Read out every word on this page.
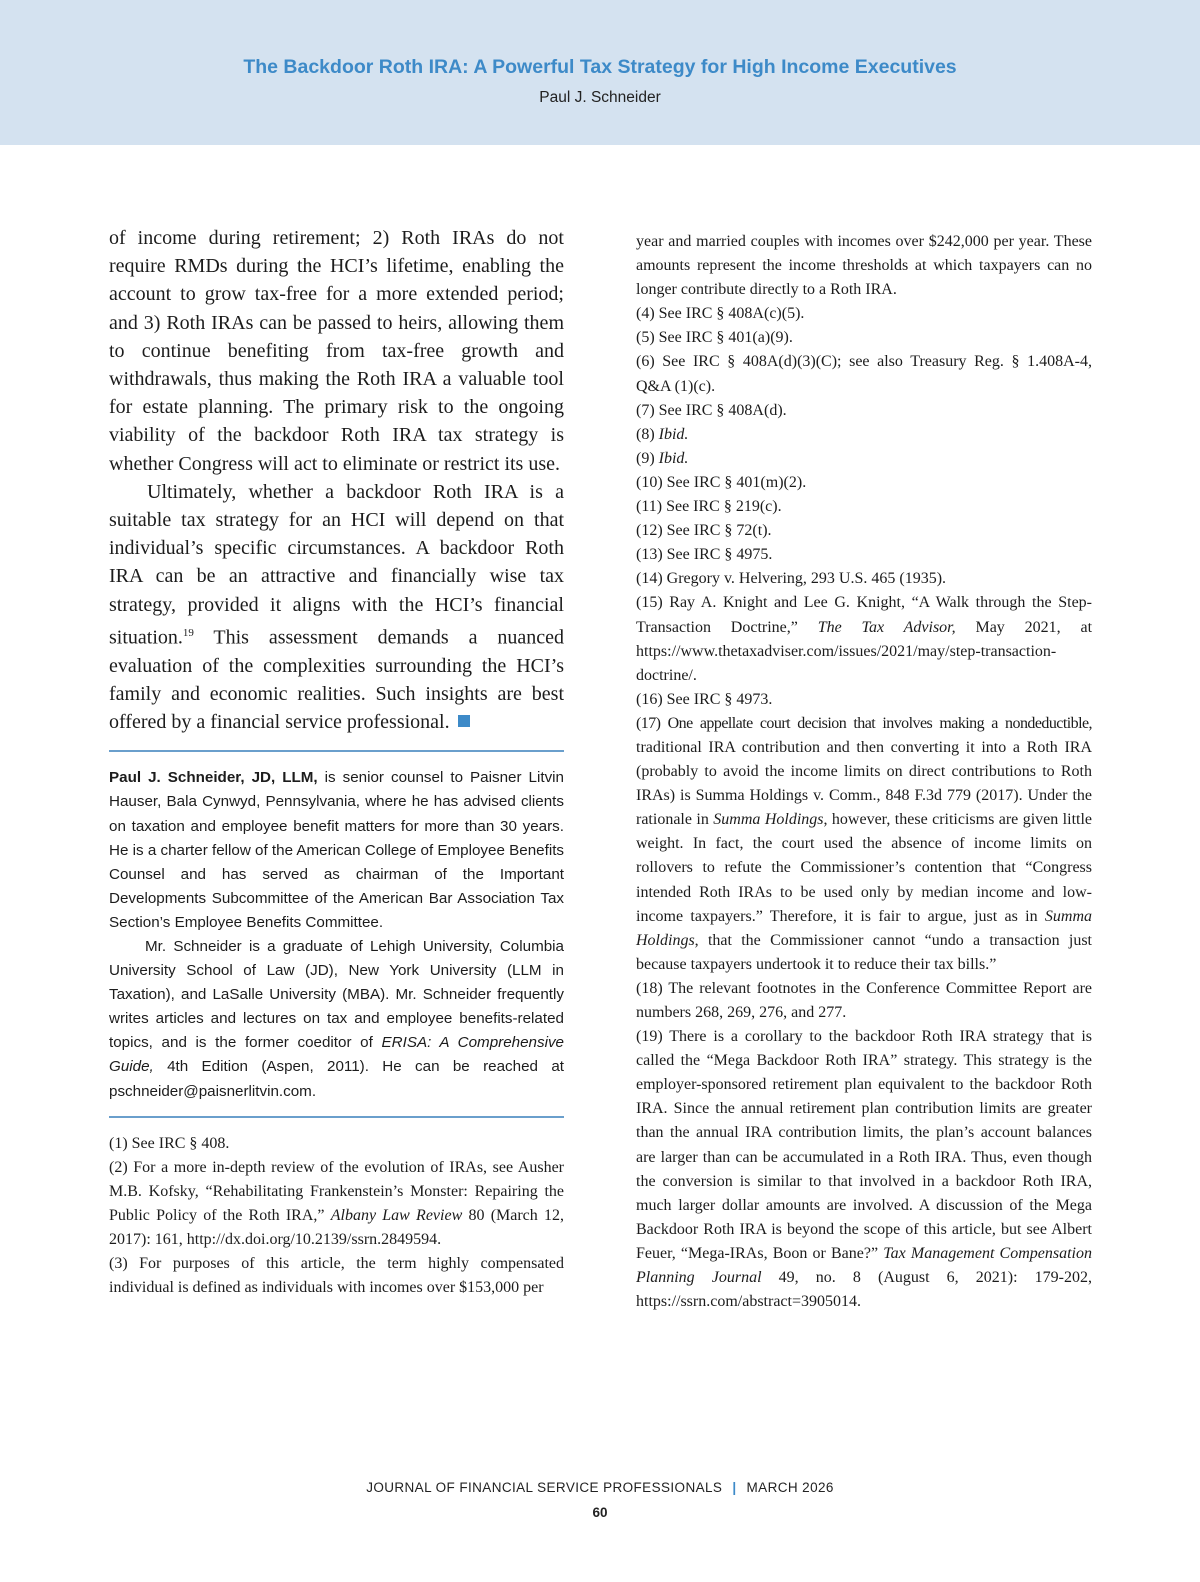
The Backdoor Roth IRA: A Powerful Tax Strategy for High Income Executives
Paul J. Schneider

of income during retirement; 2) Roth IRAs do not require RMDs during the HCI’s lifetime, enabling the account to grow tax-free for a more extended period; and 3) Roth IRAs can be passed to heirs, allowing them to continue benefiting from tax-free growth and withdrawals, thus making the Roth IRA a valuable tool for estate planning. The primary risk to the ongoing viability of the backdoor Roth IRA tax strategy is whether Congress will act to eliminate or restrict its use.

Ultimately, whether a backdoor Roth IRA is a suitable tax strategy for an HCI will depend on that individual’s specific circumstances. A backdoor Roth IRA can be an attractive and financially wise tax strategy, provided it aligns with the HCI’s financial situation.$^{19}$ This assessment demands a nuanced evaluation of the complexities surrounding the HCI’s family and economic realities. Such insights are best offered by a financial service professional.

Paul J. Schneider, JD, LLM, is senior counsel to Paisner Litvin Hauser, Bala Cynwyd, Pennsylvania, where he has advised clients on taxation and employee benefit matters for more than 30 years. He is a charter fellow of the American College of Employee Benefits Counsel and has served as chairman of the Important Developments Subcommittee of the American Bar Association Tax Section’s Employee Benefits Committee.

Mr. Schneider is a graduate of Lehigh University, Columbia University School of Law (JD), New York University (LLM in Taxation), and LaSalle University (MBA). Mr. Schneider frequently writes articles and lectures on tax and employee benefits-related topics, and is the former coeditor of ERISA: A Comprehensive Guide, 4th Edition (Aspen, 2011). He can be reached at pschneider@paisnerlitvin.com.

(1) See IRC § 408.

(2) For a more in-depth review of the evolution of IRAs, see Ausher M.B. Kofsky, “Rehabilitating Frankenstein’s Monster: Repairing the Public Policy of the Roth IRA,” Albany Law Review 80 (March 12, 2017): 161, http://dx.doi.org/10.2139/ssrn.2849594.

(3) For purposes of this article, the term highly compensated individual is defined as individuals with incomes over $153,000 per

year and married couples with incomes over $242,000 per year. These amounts represent the income thresholds at which taxpayers can no longer contribute directly to a Roth IRA.

(4) See IRC § 408A(c)(5).

(5) See IRC § 401(a)(9).

(6) See IRC § 408A(d)(3)(C); see also Treasury Reg. § 1.408A-4, Q&A (1)(c).

(7) See IRC § 408A(d).

(8) Ibid.

(9) Ibid.

(10) See IRC § 401(m)(2).

(11) See IRC § 219(c).

(12) See IRC § 72(t).

(13) See IRC § 4975.

(14) Gregory v. Helvering, 293 U.S. 465 (1935).

(15) Ray A. Knight and Lee G. Knight, “A Walk through the Step-Transaction Doctrine,” The Tax Advisor, May 2021, at https://www.thetaxadviser.com/issues/2021/may/step-transaction-doctrine/.

(16) See IRC § 4973.

(17) One appellate court decision that involves making a nondeductible, traditional IRA contribution and then converting it into a Roth IRA (probably to avoid the income limits on direct contributions to Roth IRAs) is Summa Holdings v. Comm., 848 F.3d 779 (2017). Under the rationale in Summa Holdings, however, these criticisms are given little weight. In fact, the court used the absence of income limits on rollovers to refute the Commissioner’s contention that “Congress intended Roth IRAs to be used only by median income and low-income taxpayers.” Therefore, it is fair to argue, just as in Summa Holdings, that the Commissioner cannot “undo a transaction just because taxpayers undertook it to reduce their tax bills.”

(18) The relevant footnotes in the Conference Committee Report are numbers 268, 269, 276, and 277.

(19) There is a corollary to the backdoor Roth IRA strategy that is called the “Mega Backdoor Roth IRA” strategy. This strategy is the employer-sponsored retirement plan equivalent to the backdoor Roth IRA. Since the annual retirement plan contribution limits are greater than the annual IRA contribution limits, the plan’s account balances are larger than can be accumulated in a Roth IRA. Thus, even though the conversion is similar to that involved in a backdoor Roth IRA, much larger dollar amounts are involved. A discussion of the Mega Backdoor Roth IRA is beyond the scope of this article, but see Albert Feuer, “Mega-IRAs, Boon or Bane?” Tax Management Compensation Planning Journal 49, no. 8 (August 6, 2021): 179-202, https://ssrn.com/abstract=3905014.

JOURNAL OF FINANCIAL SERVICE PROFESSIONALS | MARCH 2026
60
